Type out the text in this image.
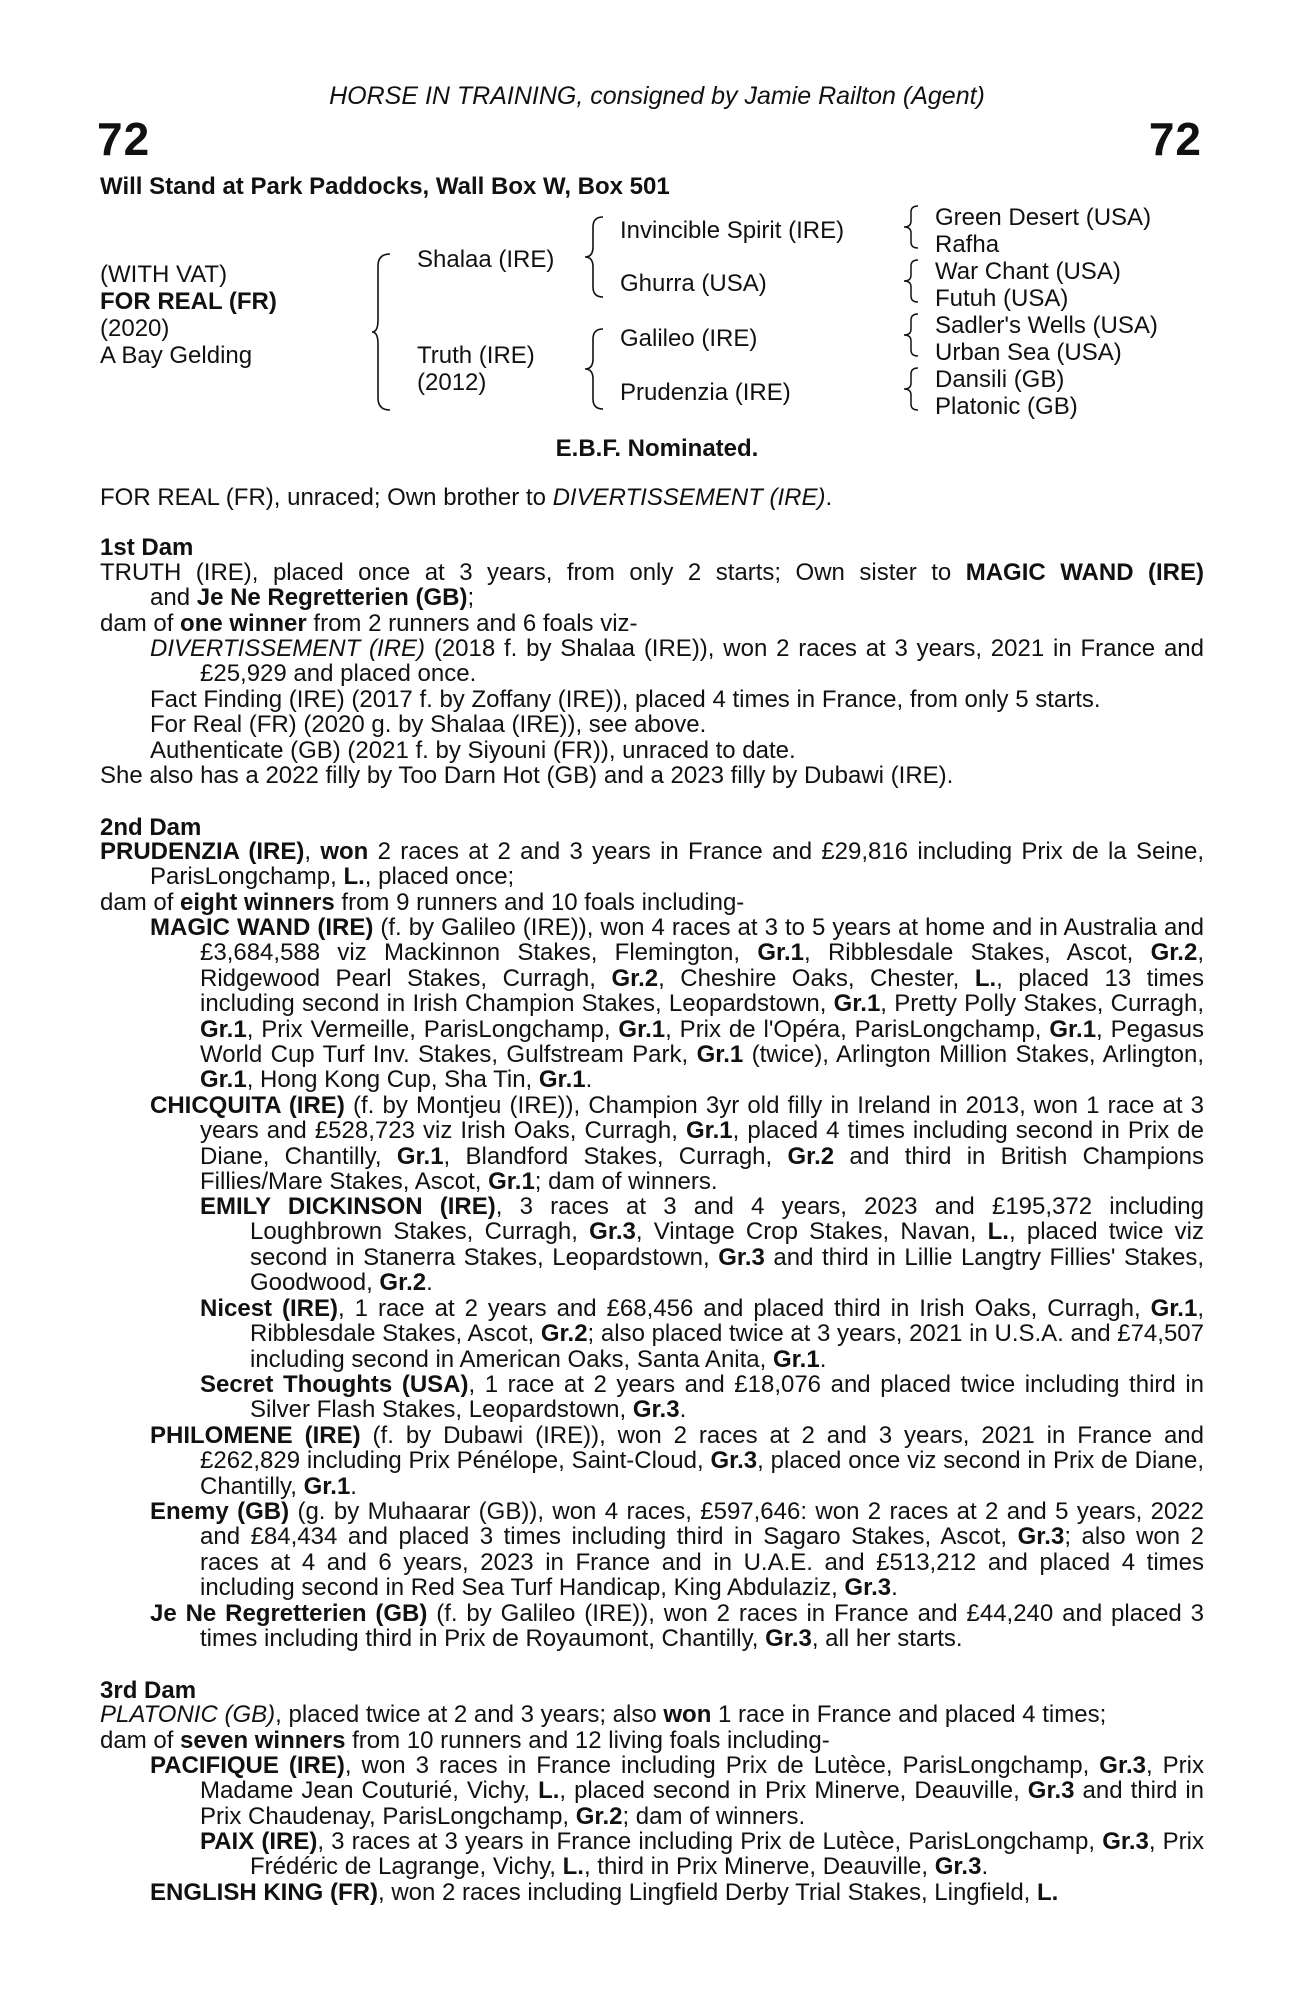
HORSE IN TRAINING, consigned by Jamie Railton (Agent)
72	72
Will Stand at Park Paddocks, Wall Box W, Box 501
(WITH VAT)
FOR REAL (FR)
(2020)
A Bay Gelding
Shalaa (IRE)
Truth (IRE)
(2012)
Invincible Spirit (IRE)
Ghurra (USA)
Galileo (IRE)
Prudenzia (IRE)
Green Desert (USA)
Rafha
War Chant (USA)
Futuh (USA)
Sadler's Wells (USA)
Urban Sea (USA)
Dansili (GB)
Platonic (GB)
E.B.F. Nominated.
FOR REAL (FR), unraced; Own brother to DIVERTISSEMENT (IRE).
1st Dam
TRUTH (IRE), placed once at 3 years, from only 2 starts; Own sister to MAGIC WAND (IRE)
and Je Ne Regretterien (GB);
dam of one winner from 2 runners and 6 foals viz-
DIVERTISSEMENT (IRE) (2018 f. by Shalaa (IRE)), won 2 races at 3 years, 2021 in France and £25,929 and placed once.
Fact Finding (IRE) (2017 f. by Zoffany (IRE)), placed 4 times in France, from only 5 starts.
For Real (FR) (2020 g. by Shalaa (IRE)), see above.
Authenticate (GB) (2021 f. by Siyouni (FR)), unraced to date.
She also has a 2022 filly by Too Darn Hot (GB) and a 2023 filly by Dubawi (IRE).
2nd Dam
PRUDENZIA (IRE), won 2 races at 2 and 3 years in France and £29,816 including Prix de la Seine, ParisLongchamp, L., placed once;
dam of eight winners from 9 runners and 10 foals including-
MAGIC WAND (IRE) (f. by Galileo (IRE)), won 4 races at 3 to 5 years at home and in Australia and £3,684,588 viz Mackinnon Stakes, Flemington, Gr.1, Ribblesdale Stakes, Ascot, Gr.2, Ridgewood Pearl Stakes, Curragh, Gr.2, Cheshire Oaks, Chester, L., placed 13 times including second in Irish Champion Stakes, Leopardstown, Gr.1, Pretty Polly Stakes, Curragh, Gr.1, Prix Vermeille, ParisLongchamp, Gr.1, Prix de l'Opéra, ParisLongchamp, Gr.1, Pegasus World Cup Turf Inv. Stakes, Gulfstream Park, Gr.1 (twice), Arlington Million Stakes, Arlington, Gr.1, Hong Kong Cup, Sha Tin, Gr.1.
CHICQUITA (IRE) (f. by Montjeu (IRE)), Champion 3yr old filly in Ireland in 2013, won 1 race at 3 years and £528,723 viz Irish Oaks, Curragh, Gr.1, placed 4 times including second in Prix de Diane, Chantilly, Gr.1, Blandford Stakes, Curragh, Gr.2 and third in British Champions Fillies/Mare Stakes, Ascot, Gr.1; dam of winners.
EMILY DICKINSON (IRE), 3 races at 3 and 4 years, 2023 and £195,372 including Loughbrown Stakes, Curragh, Gr.3, Vintage Crop Stakes, Navan, L., placed twice viz second in Stanerra Stakes, Leopardstown, Gr.3 and third in Lillie Langtry Fillies' Stakes, Goodwood, Gr.2.
Nicest (IRE), 1 race at 2 years and £68,456 and placed third in Irish Oaks, Curragh, Gr.1, Ribblesdale Stakes, Ascot, Gr.2; also placed twice at 3 years, 2021 in U.S.A. and £74,507 including second in American Oaks, Santa Anita, Gr.1.
Secret Thoughts (USA), 1 race at 2 years and £18,076 and placed twice including third in Silver Flash Stakes, Leopardstown, Gr.3.
PHILOMENE (IRE) (f. by Dubawi (IRE)), won 2 races at 2 and 3 years, 2021 in France and £262,829 including Prix Pénélope, Saint-Cloud, Gr.3, placed once viz second in Prix de Diane, Chantilly, Gr.1.
Enemy (GB) (g. by Muhaarar (GB)), won 4 races, £597,646: won 2 races at 2 and 5 years, 2022 and £84,434 and placed 3 times including third in Sagaro Stakes, Ascot, Gr.3; also won 2 races at 4 and 6 years, 2023 in France and in U.A.E. and £513,212 and placed 4 times including second in Red Sea Turf Handicap, King Abdulaziz, Gr.3.
Je Ne Regretterien (GB) (f. by Galileo (IRE)), won 2 races in France and £44,240 and placed 3 times including third in Prix de Royaumont, Chantilly, Gr.3, all her starts.
3rd Dam
PLATONIC (GB), placed twice at 2 and 3 years; also won 1 race in France and placed 4 times;
dam of seven winners from 10 runners and 12 living foals including-
PACIFIQUE (IRE), won 3 races in France including Prix de Lutèce, ParisLongchamp, Gr.3, Prix Madame Jean Couturié, Vichy, L., placed second in Prix Minerve, Deauville, Gr.3 and third in Prix Chaudenay, ParisLongchamp, Gr.2; dam of winners.
PAIX (IRE), 3 races at 3 years in France including Prix de Lutèce, ParisLongchamp, Gr.3, Prix Frédéric de Lagrange, Vichy, L., third in Prix Minerve, Deauville, Gr.3.
ENGLISH KING (FR), won 2 races including Lingfield Derby Trial Stakes, Lingfield, L.
